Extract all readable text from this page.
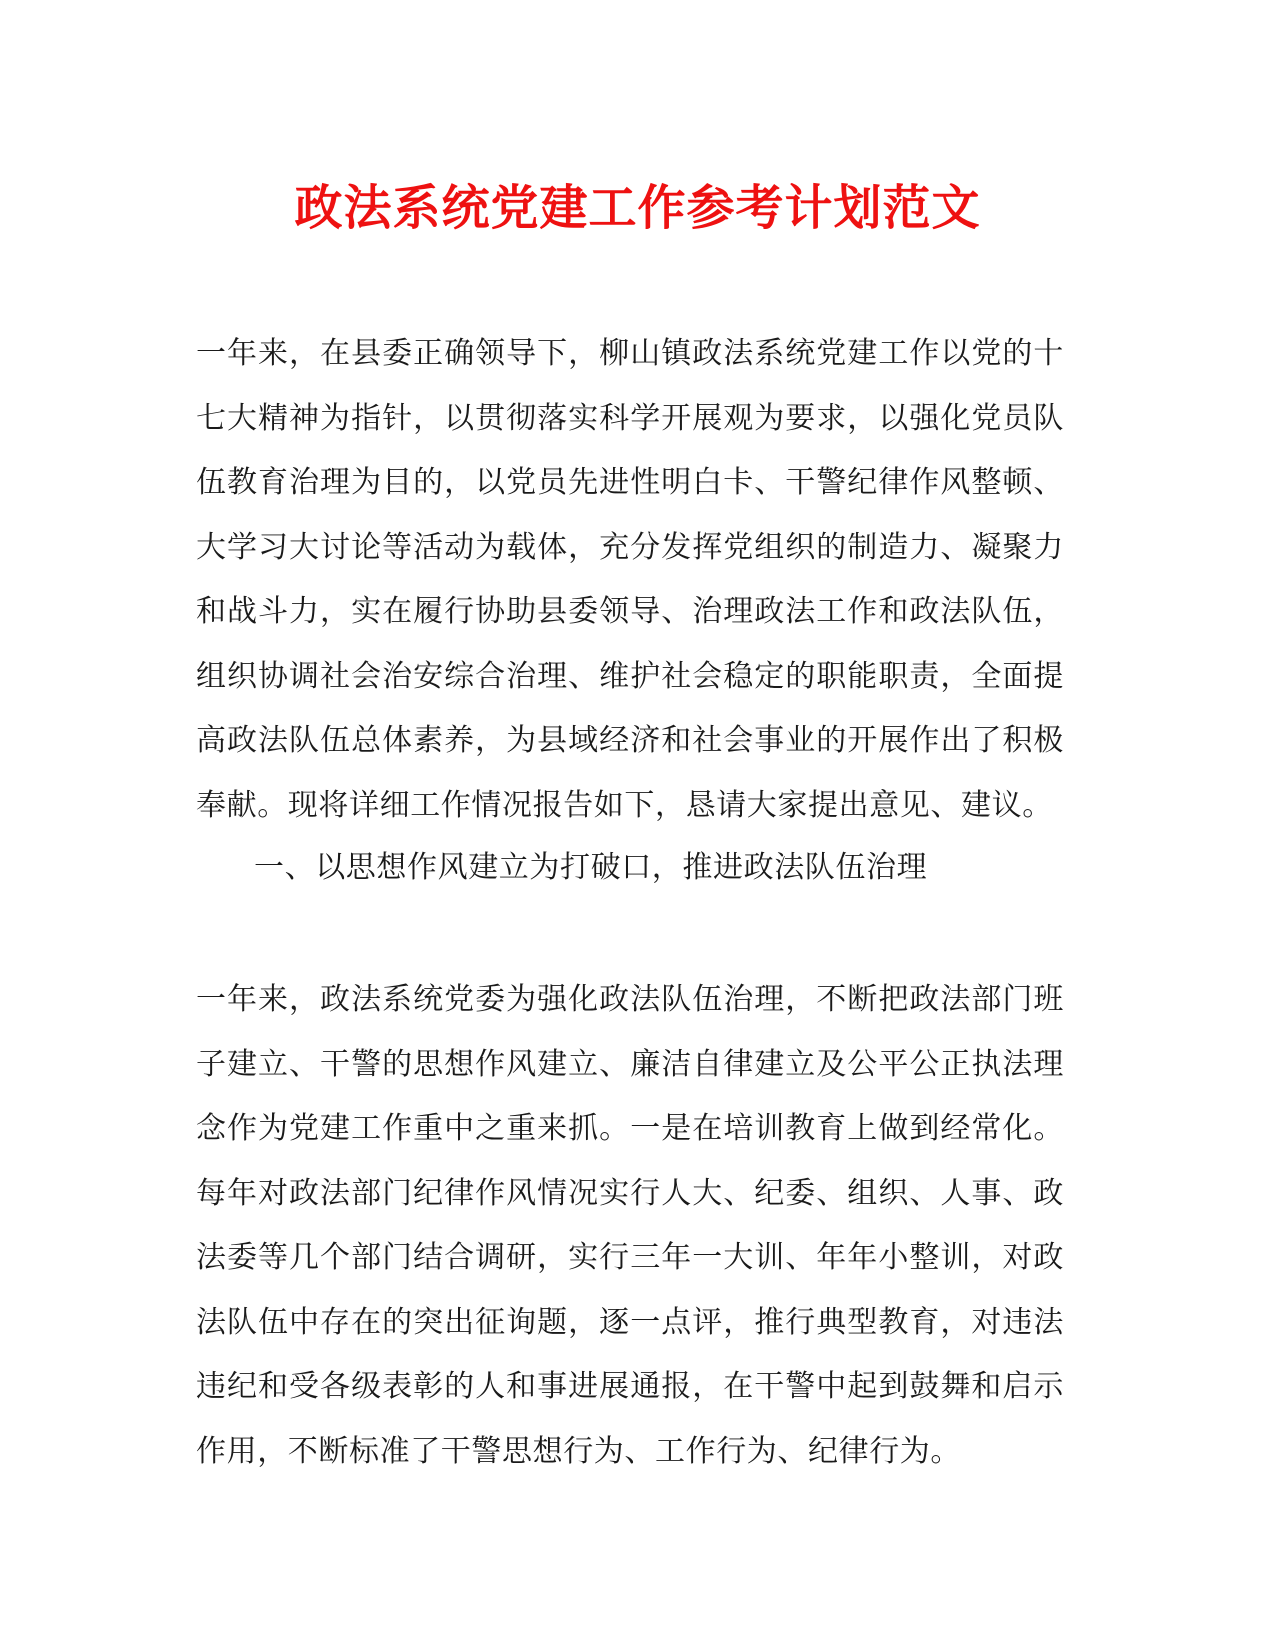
政法系统党建工作参考计划范文

一年来，在县委正确领导下，柳山镇政法系统党建工作以党的十七大精神为指针，以贯彻落实科学开展观为要求，以强化党员队伍教育治理为目的，以党员先进性明白卡、干警纪律作风整顿、大学习大讨论等活动为载体，充分发挥党组织的制造力、凝聚力和战斗力，实在履行协助县委领导、治理政法工作和政法队伍，组织协调社会治安综合治理、维护社会稳定的职能职责，全面提高政法队伍总体素养，为县域经济和社会事业的开展作出了积极奉献。现将详细工作情况报告如下，恳请大家提出意见、建议。

一、以思想作风建立为打破口，推进政法队伍治理

一年来，政法系统党委为强化政法队伍治理，不断把政法部门班子建立、干警的思想作风建立、廉洁自律建立及公平公正执法理念作为党建工作重中之重来抓。一是在培训教育上做到经常化。每年对政法部门纪律作风情况实行人大、纪委、组织、人事、政法委等几个部门结合调研，实行三年一大训、年年小整训，对政法队伍中存在的突出征询题，逐一点评，推行典型教育，对违法违纪和受各级表彰的人和事进展通报，在干警中起到鼓舞和启示作用，不断标准了干警思想行为、工作行为、纪律行为。
